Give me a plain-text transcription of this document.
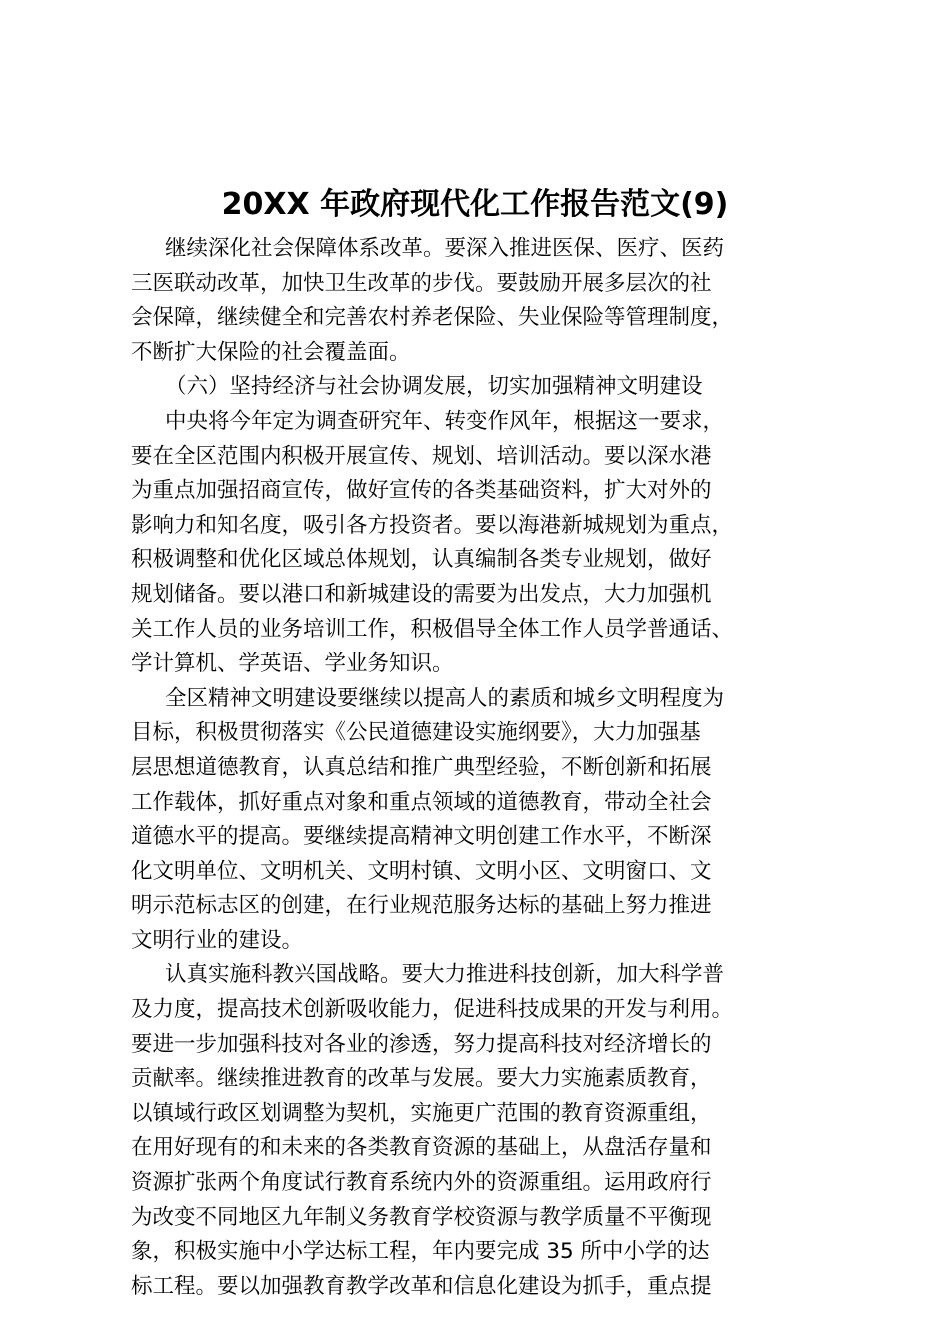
20XX 年政府现代化工作报告范文(9)
继续深化社会保障体系改革。要深入推进医保、医疗、医药
三医联动改革，加快卫生改革的步伐。要鼓励开展多层次的社
会保障，继续健全和完善农村养老保险、失业保险等管理制度，
不断扩大保险的社会覆盖面。
（六）坚持经济与社会协调发展，切实加强精神文明建设
中央将今年定为调查研究年、转变作风年，根据这一要求，
要在全区范围内积极开展宣传、规划、培训活动。要以深水港
为重点加强招商宣传，做好宣传的各类基础资料，扩大对外的
影响力和知名度，吸引各方投资者。要以海港新城规划为重点，
积极调整和优化区域总体规划，认真编制各类专业规划，做好
规划储备。要以港口和新城建设的需要为出发点，大力加强机
关工作人员的业务培训工作，积极倡导全体工作人员学普通话、
学计算机、学英语、学业务知识。
全区精神文明建设要继续以提高人的素质和城乡文明程度为
目标，积极贯彻落实《公民道德建设实施纲要》，大力加强基
层思想道德教育，认真总结和推广典型经验，不断创新和拓展
工作载体，抓好重点对象和重点领域的道德教育，带动全社会
道德水平的提高。要继续提高精神文明创建工作水平，不断深
化文明单位、文明机关、文明村镇、文明小区、文明窗口、文
明示范标志区的创建，在行业规范服务达标的基础上努力推进
文明行业的建设。
认真实施科教兴国战略。要大力推进科技创新，加大科学普
及力度，提高技术创新吸收能力，促进科技成果的开发与利用。
要进一步加强科技对各业的渗透，努力提高科技对经济增长的
贡献率。继续推进教育的改革与发展。要大力实施素质教育，
以镇域行政区划调整为契机，实施更广范围的教育资源重组，
在用好现有的和未来的各类教育资源的基础上，从盘活存量和
资源扩张两个角度试行教育系统内外的资源重组。运用政府行
为改变不同地区九年制义务教育学校资源与教学质量不平衡现
象，积极实施中小学达标工程，年内要完成 35 所中小学的达
标工程。要以加强教育教学改革和信息化建设为抓手，重点提
